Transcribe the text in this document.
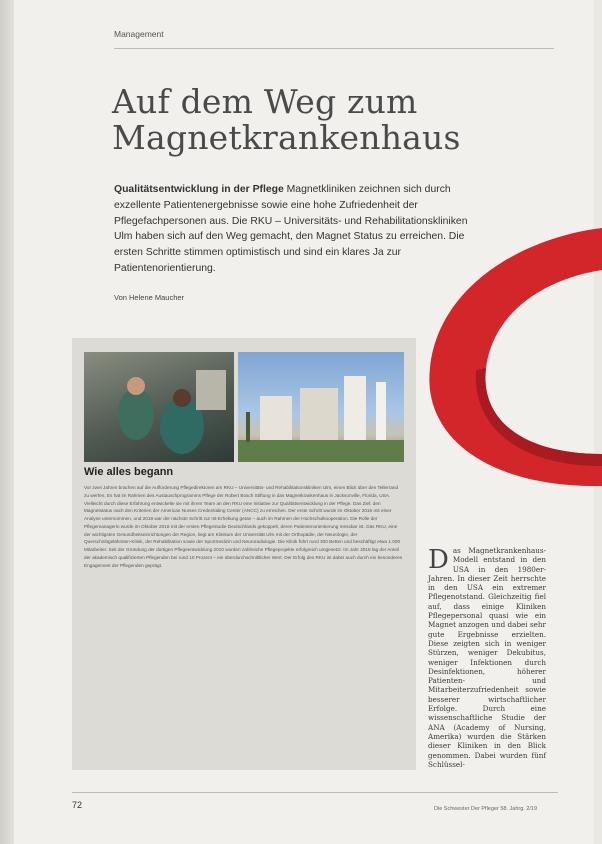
Management
Auf dem Weg zum Magnetkrankenhaus
Qualitätsentwicklung in der Pflege Magnetkliniken zeichnen sich durch exzellente Patientenergebnisse sowie eine hohe Zufriedenheit der Pflegefachpersonen aus. Die RKU – Universitäts- und Rehabilitationskliniken Ulm haben sich auf den Weg gemacht, den Magnet Status zu erreichen. Die ersten Schritte stimmen optimistisch und sind ein klares Ja zur Patientenorientierung.
Von Helene Maucher
Wie alles begann
Vor zwei Jahren brachen auf die Aufforderung Pflegedirektoren am RKU – Universitäts- und Rehabilitationskliniken Ulm, einen Blick über den Tellerrand zu werfen. Es hat im Rahmen des Austauschprogramms Pflege der Robert Bosch Stiftung in das Magnetkrankenhaus in Jacksonville, Florida, USA. Vielleicht durch diese Erfahrung entwickelte sie mit ihrem Team an den RKU eine Initiative zur Qualitätsentwicklung in der Pflege. Das Ziel: den Magnetstatus nach den Kriterien der American Nurses Credentialing Center (ANCC) zu erreichen. Der erste Schritt wurde im Oktober 2016 mit einer Analyse unternommen, und 2018 war der nächste Schritt zur Ist-Erhebung getan – auch im Rahmen der Hochschulkooperation. Die Rolle der Pflegemanagerin wurde im Oktober 2018 mit der ersten Pflegestudie Deutschlands gekoppelt, deren Patientenorientierung messbar ist. Das RKU, eine der wichtigsten Gesundheitseinrichtungen der Region, liegt am Klinikum der Universität Ulm mit der Orthopädie, der Neurologie, der Querschnittgelähmten-Klinik, der Rehabilitation sowie der Sportmedizin und Neuroradiologie. Die Klinik führt rund 300 Betten und beschäftigt etwa 1.000 Mitarbeiter. Seit der Gründung der dortigen Pflegeentwicklung 2010 wurden zahlreiche Pflegeprojekte erfolgreich umgesetzt. Im Jahr 2018 lag der Anteil der akademisch qualifizierten Pflegenden bei rund 10 Prozent – ein überdurchschnittlicher Wert. Der Erfolg des RKU ist dabei auch durch ein besonderes Engagement der Pflegenden geprägt.	Das Magnetkrankenhaus-Modell entstand in den USA in den 1980er-Jahren. In dieser Zeit herrschte in den USA ein extremer Pflegenotstand. Gleichzeitig fiel auf, dass einige Kliniken Pflegepersonal quasi wie ein Magnet anzogen und dabei sehr gute Ergebnisse erzielten. Diese zeigten sich in weniger Stürzen, weniger Dekubitus, weniger Infektionen durch Desinfektionen, höherer Patienten- und Mitarbeiterzufriedenheit sowie besserer wirtschaftlicher Erfolge. Durch eine wissenschaftliche Studie der ANA (Academy of Nursing, Amerika) wurden die Stärken dieser Kliniken in den Blick genommen. Dabei wurden fünf Schlüssel-
72	Die Schwester Der Pfleger 58. Jahrg. 2/19
